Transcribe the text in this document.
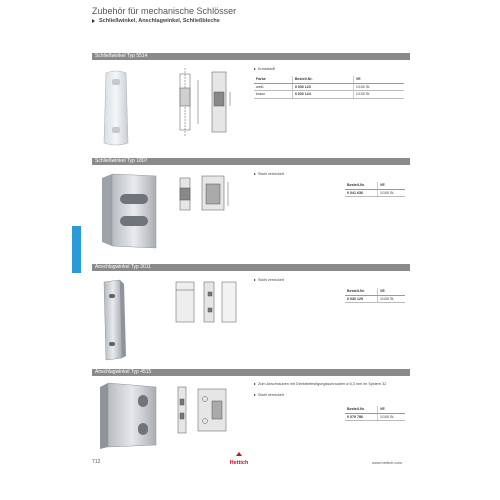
Zubehör für mechanische Schlösser
Schließwinkel, Anschlagwinkel, Schließbleche
Schließwinkel Typ 5514
Kunststoff
Farbe	Bestell-Nr.	VE
weiß	0 030 123	1/100 St.
braun	0 030 124	1/100 St.
Schließwinkel Typ 1807
Stahl vernickelt
Bestell-Nr.	VE
0 041 636	1/100 St.
Anschlagwinkel Typ 3011
Stahl vernickelt
Bestell-Nr.	VE
0 030 125	1/100 St.
Anschlagwinkel Typ 4515
Zum Anschrauben mit Direktbefestigungsschrauben ø 6,3 mm im System 32
Stahl vernickelt
Bestell-Nr.	VE
0 079 786	1/100 St.
712	Hettich	www.hettich.com
